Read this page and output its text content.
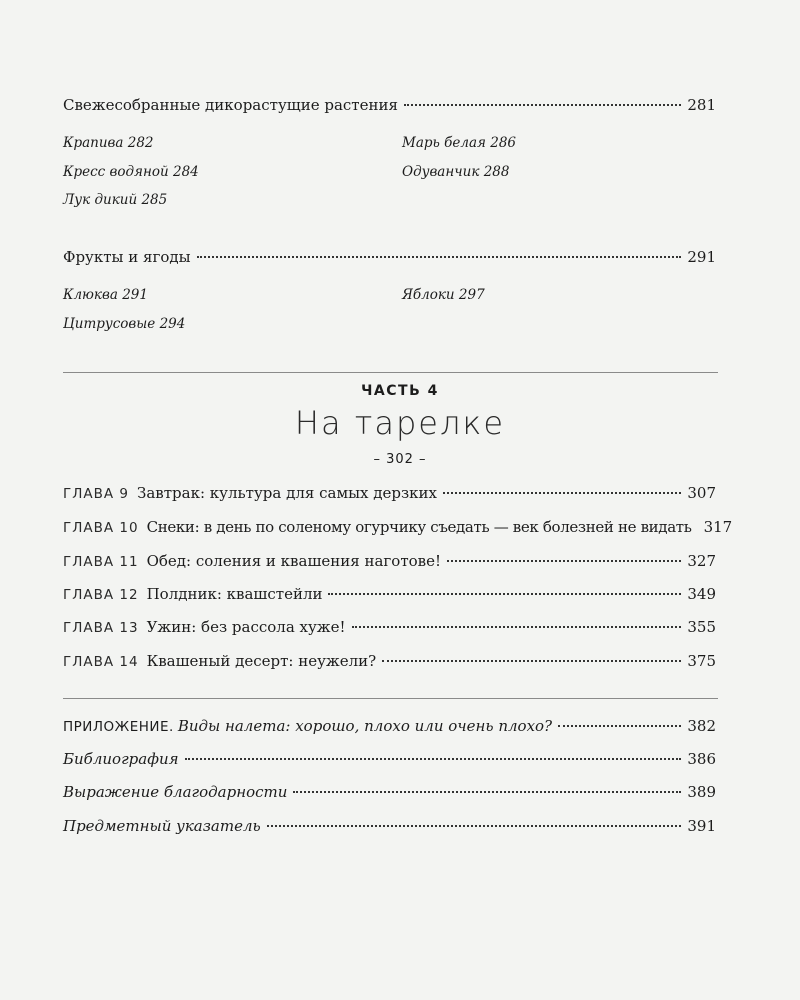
Свежесобранные дикорастущие растения	281
Крапива 282
Кресс водяной 284
Лук дикий 285
Марь белая 286
Одуванчик 288
Фрукты и ягоды	291
Клюква 291
Цитрусовые 294
Яблоки 297
ЧАСТЬ 4
На тарелке
– 302 –
ГЛАВА 9 Завтрак: культура для самых дерзких	307
ГЛАВА 10 Снеки: в день по соленому огурчику съедать — век болезней не видать 317
ГЛАВА 11 Обед: соления и квашения наготове!	327
ГЛАВА 12 Полдник: квашстейли	349
ГЛАВА 13 Ужин: без рассола хуже!	355
ГЛАВА 14 Квашеный десерт: неужели?	375
ПРИЛОЖЕНИЕ. Виды налета: хорошо, плохо или очень плохо?	382
Библиография	386
Выражение благодарности	389
Предметный указатель	391
